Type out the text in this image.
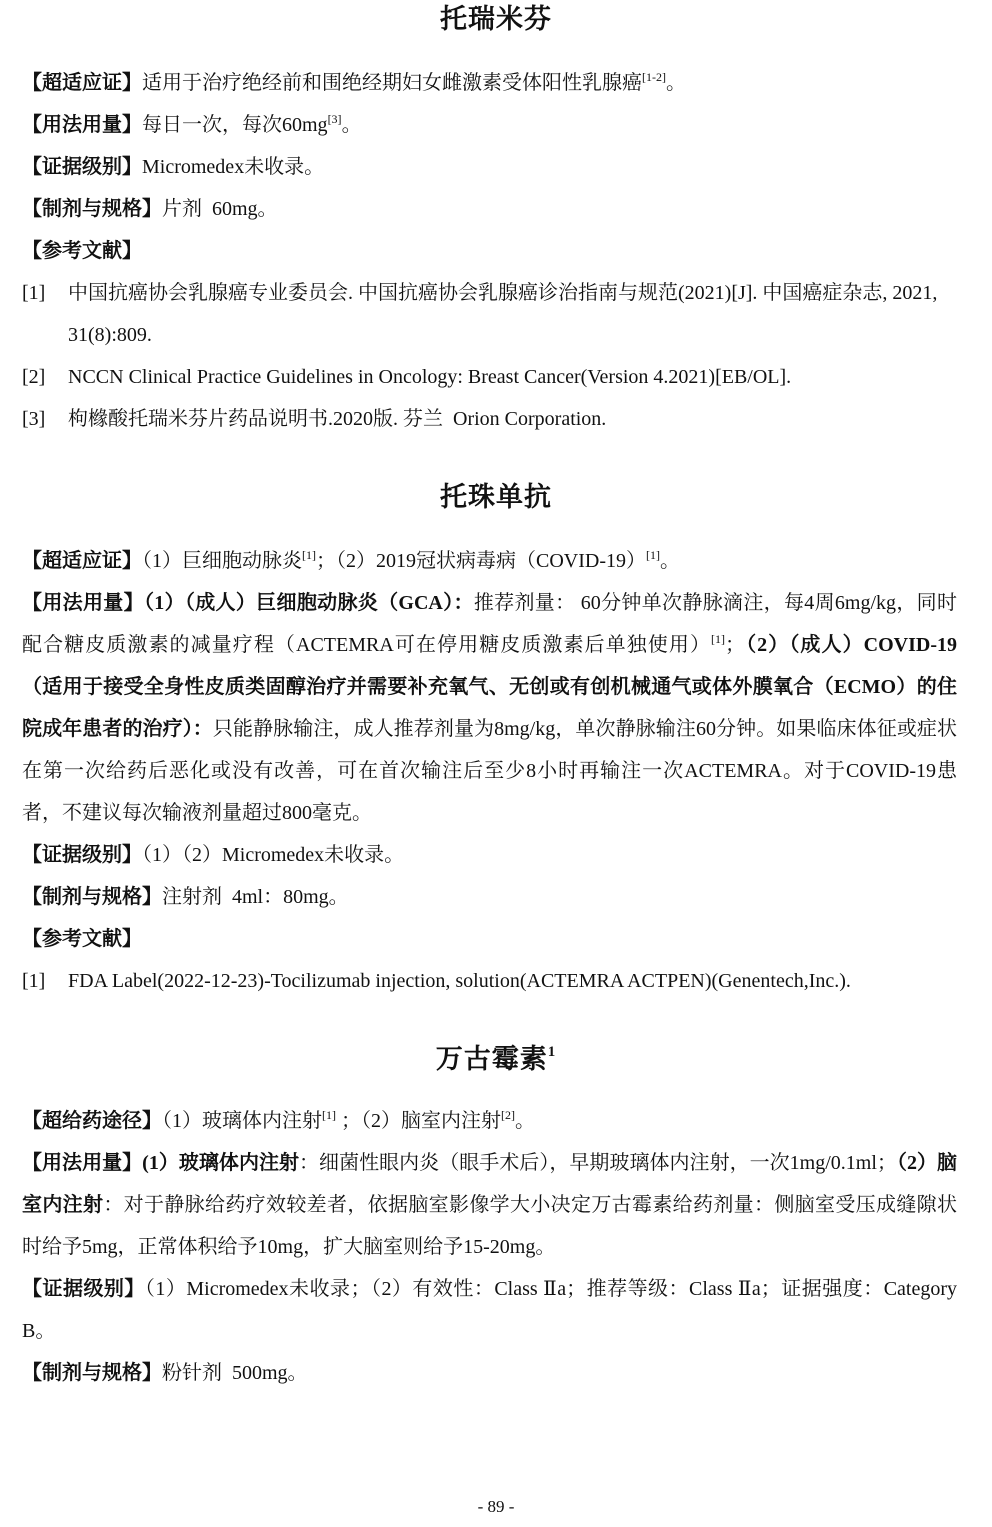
托瑞米芬

【超适应证】适用于治疗绝经前和围绝经期妇女雌激素受体阳性乳腺癌[1-2]。

【用法用量】每日一次，每次60mg[3]。

【证据级别】Micromedex未收录。

【制剂与规格】片剂  60mg。

【参考文献】

[1]	中国抗癌协会乳腺癌专业委员会. 中国抗癌协会乳腺癌诊治指南与规范(2021)[J]. 中国癌症杂志, 2021, 31(8):809.
[2]	NCCN Clinical Practice Guidelines in Oncology: Breast Cancer(Version 4.2021)[EB/OL].
[3]	枸橼酸托瑞米芬片药品说明书.2020版. 芬兰  Orion Corporation.
托珠单抗

【超适应证】（1）巨细胞动脉炎[1]；（2）2019冠状病毒病（COVID-19）[1]。

【用法用量】（1）（成人）巨细胞动脉炎（GCA）：推荐剂量： 60分钟单次静脉滴注，每4周6mg/kg，同时配合糖皮质激素的减量疗程（ACTEMRA可在停用糖皮质激素后单独使用）[1]；（2）（成人）COVID-19（适用于接受全身性皮质类固醇治疗并需要补充氧气、无创或有创机械通气或体外膜氧合（ECMO）的住院成年患者的治疗）：只能静脉输注，成人推荐剂量为8mg/kg，单次静脉输注60分钟。如果临床体征或症状在第一次给药后恶化或没有改善，可在首次输注后至少8小时再输注一次ACTEMRA。对于COVID-19患者，不建议每次输液剂量超过800毫克。

【证据级别】（1）（2）Micromedex未收录。

【制剂与规格】注射剂  4ml：80mg。

【参考文献】

[1]	FDA Label(2022-12-23)-Tocilizumab injection, solution(ACTEMRA ACTPEN)(Genentech,Inc.).
万古霉素$^1$

【超给药途径】（1）玻璃体内注射[1] ；（2）脑室内注射[2]。

【用法用量】(1）玻璃体内注射：细菌性眼内炎（眼手术后），早期玻璃体内注射，一次1mg/0.1ml；（2）脑室内注射：对于静脉给药疗效较差者，依据脑室影像学大小决定万古霉素给药剂量：侧脑室受压成缝隙状时给予5mg，正常体积给予10mg，扩大脑室则给予15-20mg。

【证据级别】（1）Micromedex未收录；（2）有效性：Class Ⅱa；推荐等级：Class Ⅱa；证据强度：Category B。

【制剂与规格】粉针剂  500mg。

- 89 -
